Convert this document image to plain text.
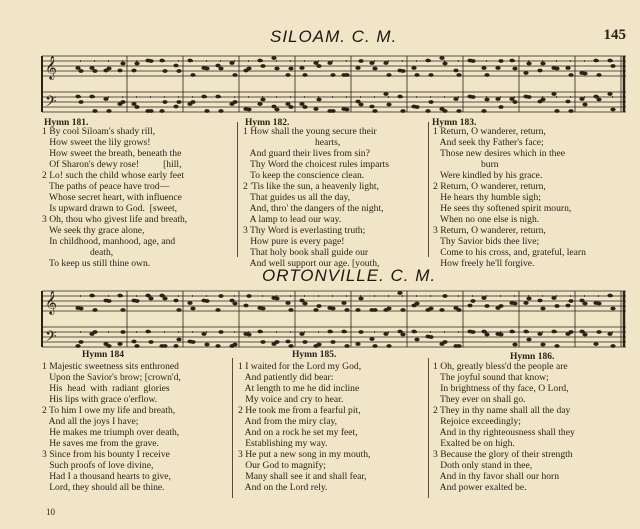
145
SILOAM. C. M.
𝄞
𝄢
Hymn 181.	Hymn 182.	Hymn 183.
1 By cool Siloam's shady rill,
How sweet the lily grows!
How sweet the breath, beneath the
Of Sharon's dewy rose!          [hill,
2 Lo! such the child whose early feet
The paths of peace have trod—
Whose secret heart, with influence
Is upward drawn to God.  [sweet,
3 Oh, thou who givest life and breath,
We seek thy grace alone,
In childhood, manhood, age, and
death,
To keep us still thine own.
1 How shall the young secure their
hearts,
And guard their lives from sin?
Thy Word the choicest rules imparts
To keep the conscience clean.
2 'Tis like the sun, a heavenly light,
That guides us all the day,
And, thro' the dangers of the night,
A lamp to lead our way.
3 Thy Word is everlasting truth;
How pure is every page!
That holy book shall guide our
And well support our age. [youth,
1 Return, O wanderer, return,
And seek thy Father's face;
Those new desires which in thee
burn
Were kindled by his grace.
2 Return, O wanderer, return,
He hears thy humble sigh;
He sees thy softened spirit mourn,
When no one else is nigh.
3 Return, O wanderer, return,
Thy Savior bids thee live;
Come to his cross, and, grateful, learn
How freely he'll forgive.
ORTONVILLE. C. M.
𝄞
𝄢
Hymn 184	Hymn 185.	Hymn 186.
1 Majestic sweetness sits enthroned
Upon the Savior's brow; [crown'd,
His  head  with  radiant  glories
His lips with grace o'erflow.
2 To him I owe my life and breath,
And all the joys I have;
He makes me triumph over death,
He saves me from the grave.
3 Since from his bounty I receive
Such proofs of love divine,
Had I a thousand hearts to give,
Lord, they should all be thine.
1 I waited for the Lord my God,
And patiently did bear:
At length to me he did incline
My voice and cry to hear.
2 He took me from a fearful pit,
And from the miry clay,
And on a rock he set my feet,
Establishing my way.
3 He put a new song in my mouth,
Our God to magnify;
Many shall see it and shall fear,
And on the Lord rely.
1 Oh, greatly bless'd the people are
The joyful sound that know;
In brightness of thy face, O Lord,
They ever on shall go.
2 They in thy name shall all the day
Rejoice exceedingly;
And in thy righteousness shall they
Exalted be on high.
3 Because the glory of their strength
Doth only stand in thee,
And in thy favor shall our horn
And power exalted be.
10
